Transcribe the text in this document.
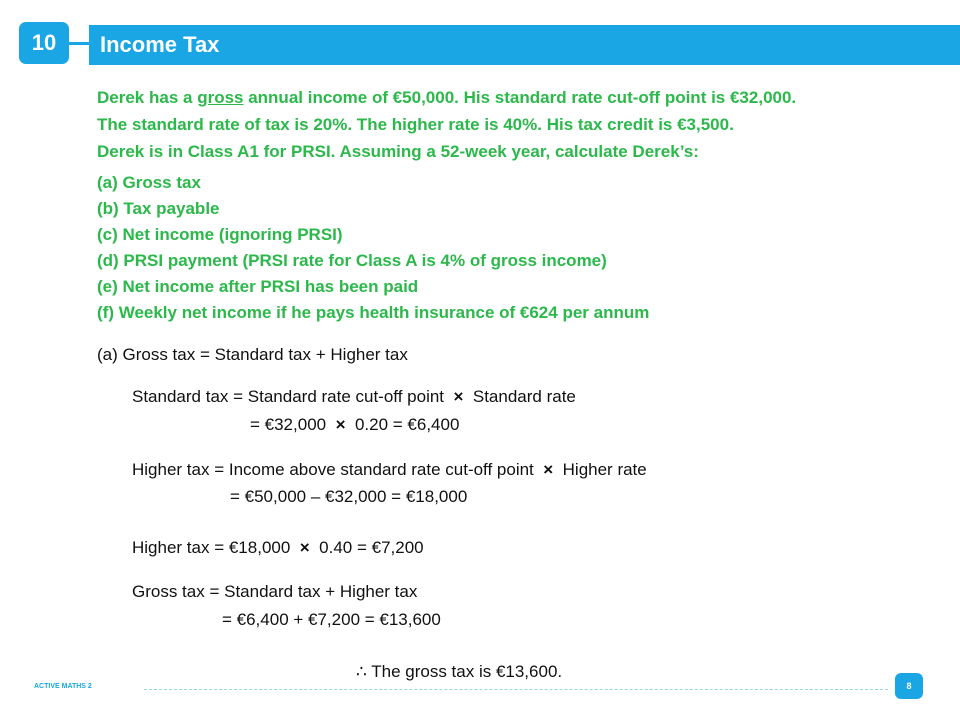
10	Income Tax
Derek has a gross annual income of €50,000. His standard rate cut-off point is €32,000.
The standard rate of tax is 20%. The higher rate is 40%. His tax credit is €3,500.
Derek is in Class A1 for PRSI. Assuming a 52-week year, calculate Derek’s:
(a) Gross tax
(b) Tax payable
(c) Net income (ignoring PRSI)
(d) PRSI payment (PRSI rate for Class A is 4% of gross income)
(e) Net income after PRSI has been paid
(f) Weekly net income if he pays health insurance of €624 per annum
(a) Gross tax = Standard tax + Higher tax
Standard tax = Standard rate cut-off point × Standard rate
= €32,000 × 0.20 = €6,400
Higher tax = Income above standard rate cut-off point × Higher rate
= €50,000 – €32,000 = €18,000
Higher tax = €18,000 × 0.40 = €7,200
Gross tax = Standard tax + Higher tax
= €6,400 + €7,200 = €13,600
∴ The gross tax is €13,600.
ACTIVE MATHS 2	8
